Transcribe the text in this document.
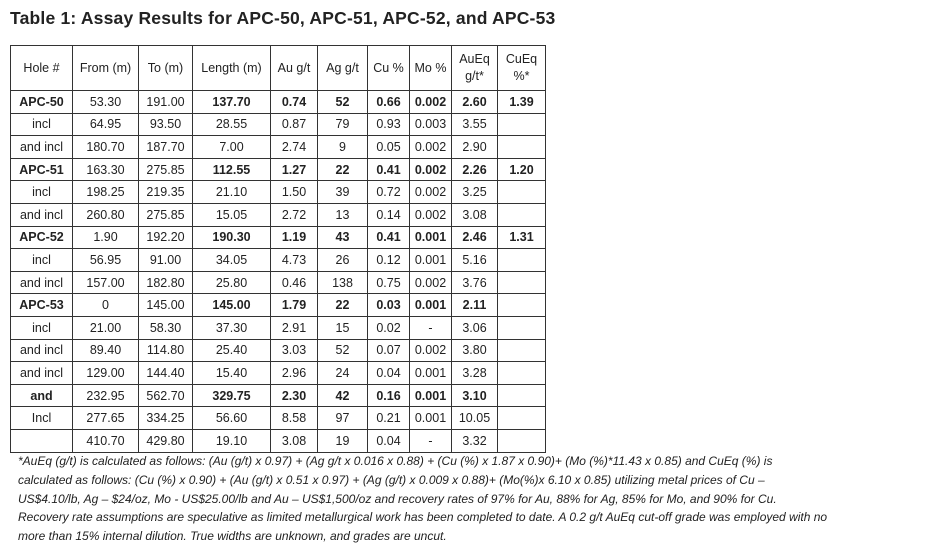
Table 1: Assay Results for APC-50, APC-51, APC-52, and APC-53
Hole #	From (m)	To (m)	Length (m)	Au g/t	Ag g/t	Cu %	Mo %	AuEq g/t*	CuEq %*
APC-50	53.30	191.00	137.70	0.74	52	0.66	0.002	2.60	1.39
incl	64.95	93.50	28.55	0.87	79	0.93	0.003	3.55	
and incl	180.70	187.70	7.00	2.74	9	0.05	0.002	2.90	
APC-51	163.30	275.85	112.55	1.27	22	0.41	0.002	2.26	1.20
incl	198.25	219.35	21.10	1.50	39	0.72	0.002	3.25	
and incl	260.80	275.85	15.05	2.72	13	0.14	0.002	3.08	
APC-52	1.90	192.20	190.30	1.19	43	0.41	0.001	2.46	1.31
incl	56.95	91.00	34.05	4.73	26	0.12	0.001	5.16	
and incl	157.00	182.80	25.80	0.46	138	0.75	0.002	3.76	
APC-53	0	145.00	145.00	1.79	22	0.03	0.001	2.11	
incl	21.00	58.30	37.30	2.91	15	0.02	-	3.06	
and incl	89.40	114.80	25.40	3.03	52	0.07	0.002	3.80	
and incl	129.00	144.40	15.40	2.96	24	0.04	0.001	3.28	
and	232.95	562.70	329.75	2.30	42	0.16	0.001	3.10	
Incl	277.65	334.25	56.60	8.58	97	0.21	0.001	10.05	
	410.70	429.80	19.10	3.08	19	0.04	-	3.32	

*AuEq (g/t) is calculated as follows: (Au (g/t) x 0.97) + (Ag g/t x 0.016 x 0.88) + (Cu (%) x 1.87 x 0.90)+ (Mo (%)*11.43 x 0.85) and CuEq (%) is

calculated as follows: (Cu (%) x 0.90) + (Au (g/t) x 0.51 x 0.97) + (Ag (g/t) x 0.009 x 0.88)+ (Mo(%)x 6.10 x 0.85) utilizing metal prices of Cu –

US$4.10/lb, Ag – $24/oz, Mo - US$25.00/lb and Au – US$1,500/oz and recovery rates of 97% for Au, 88% for Ag, 85% for Mo, and 90% for Cu.

Recovery rate assumptions are speculative as limited metallurgical work has been completed to date. A 0.2 g/t AuEq cut-off grade was employed with no

more than 15% internal dilution. True widths are unknown, and grades are uncut.
